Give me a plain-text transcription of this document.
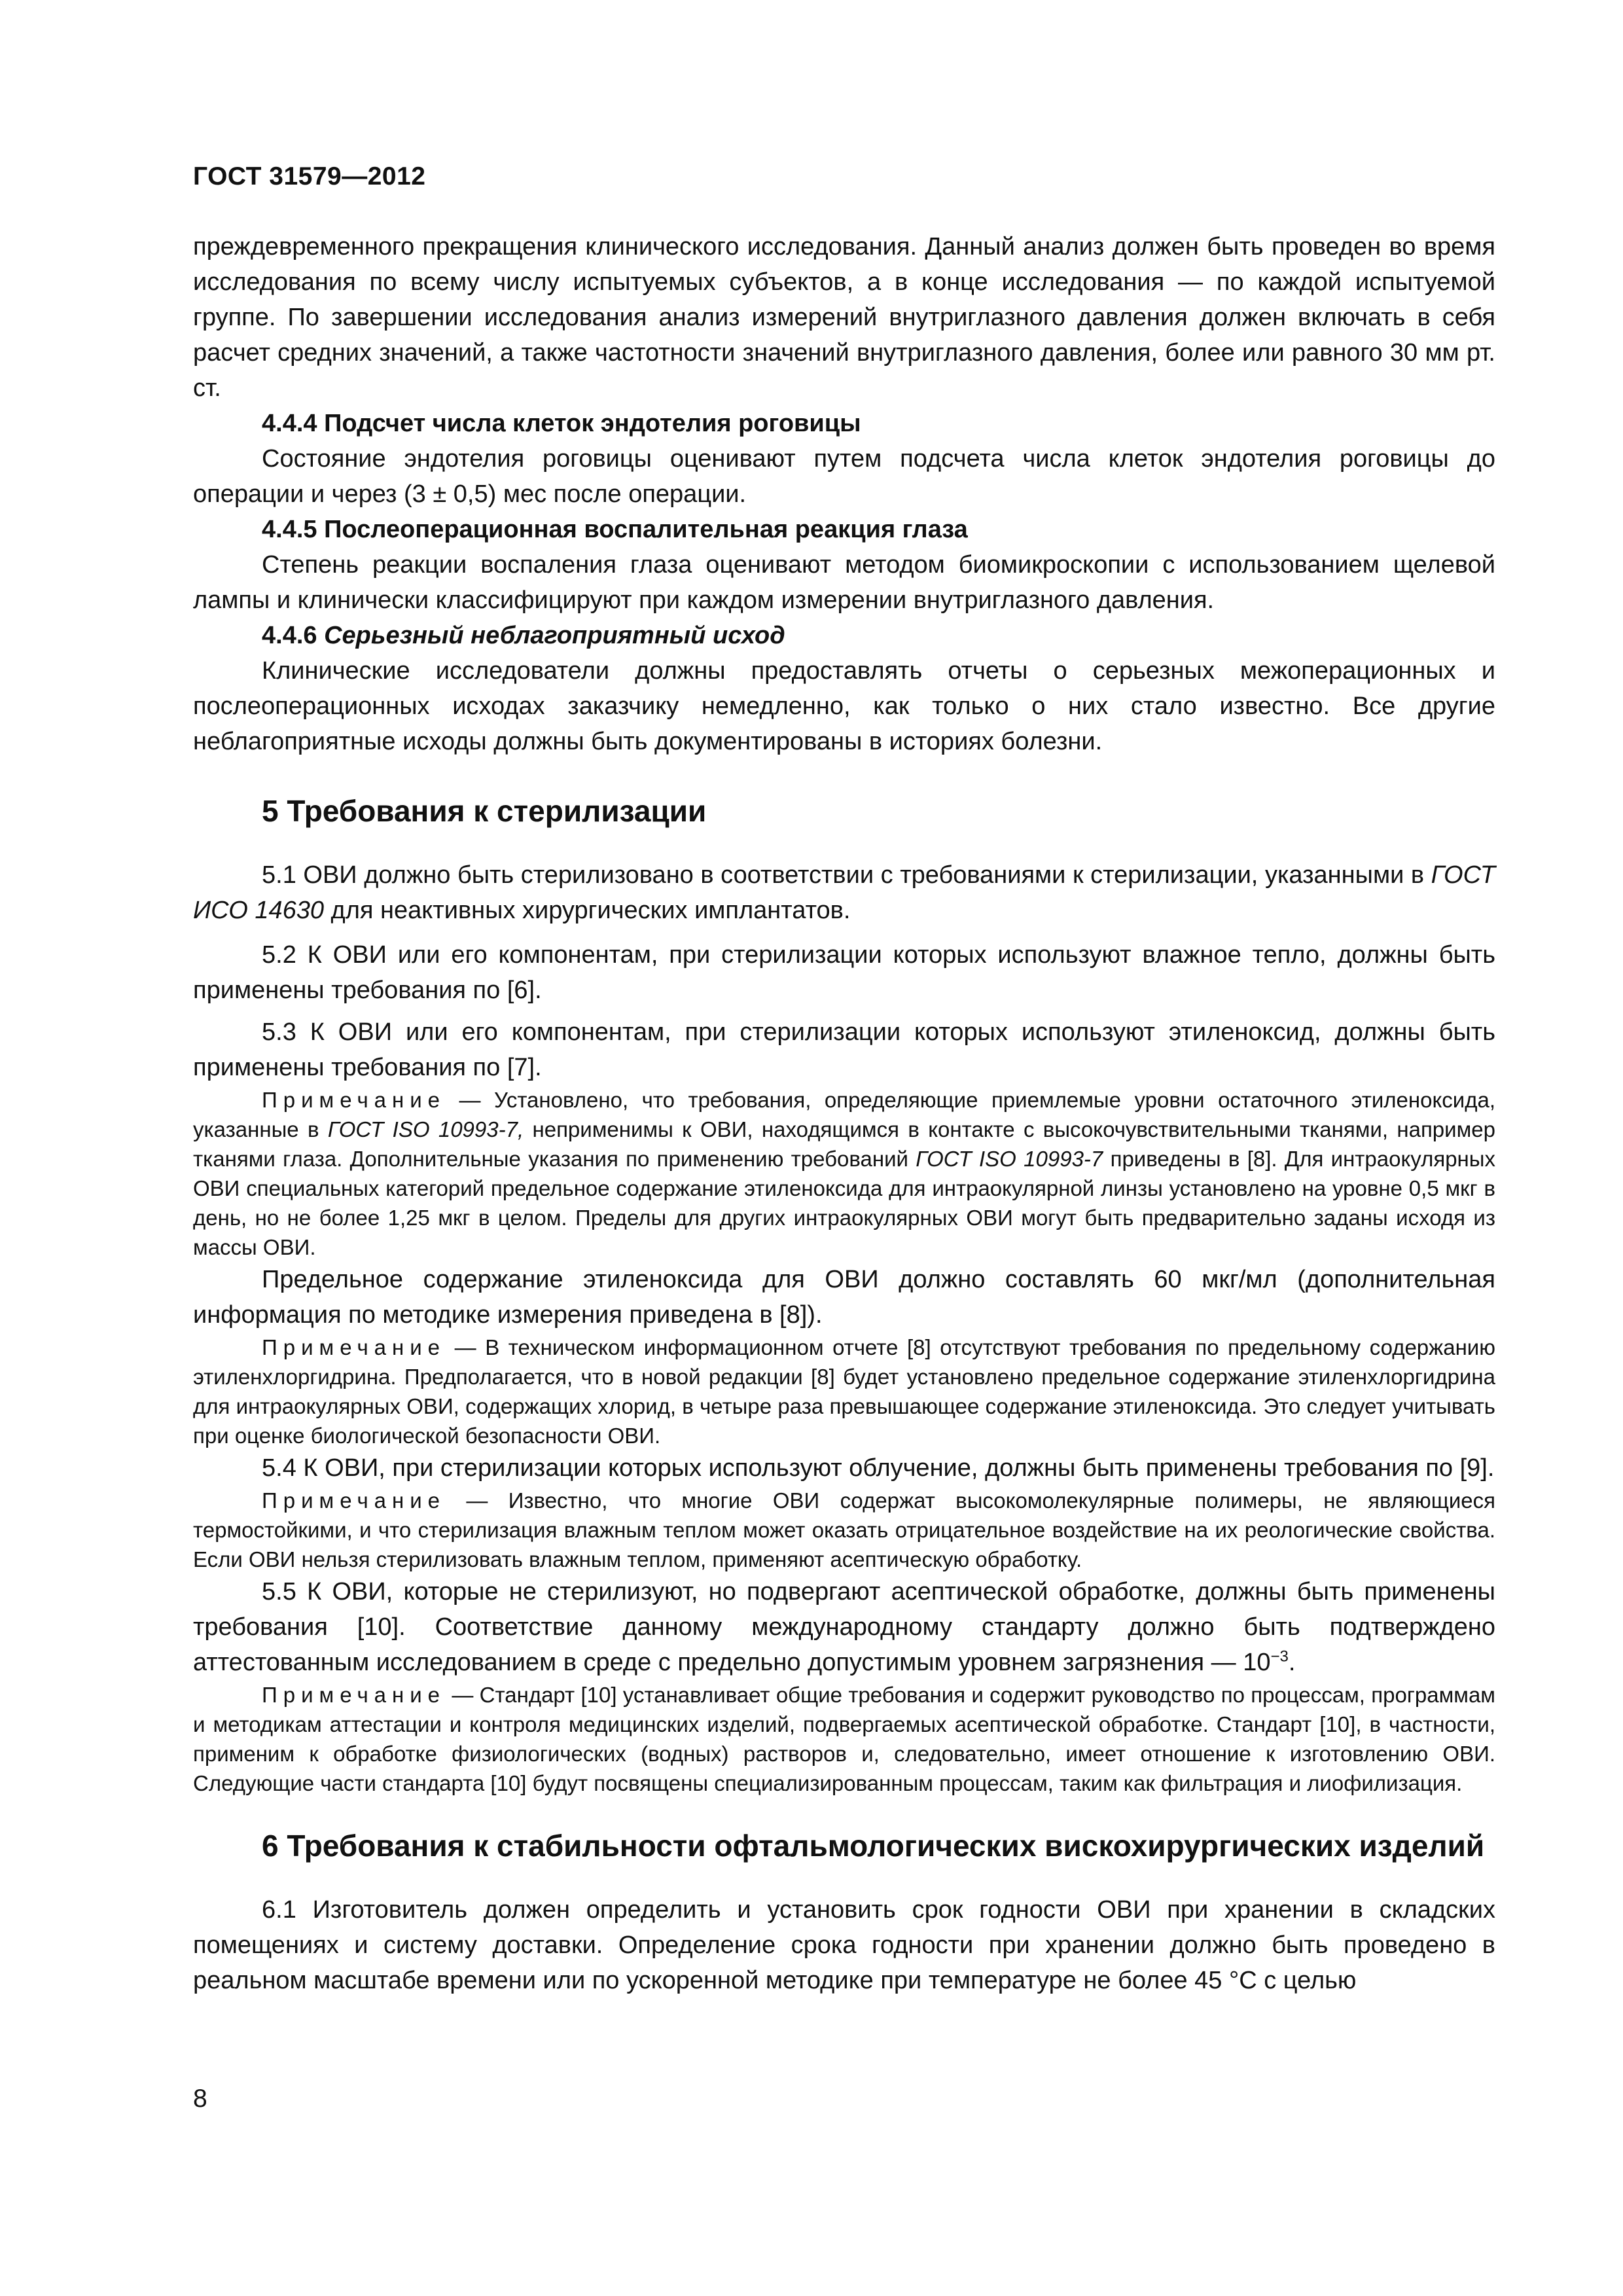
ГОСТ 31579—2012

преждевременного прекращения клинического исследования. Данный анализ должен быть проведен во время исследования по всему числу испытуемых субъектов, а в конце исследования — по каждой испытуемой группе. По завершении исследования анализ измерений внутриглазного давления должен включать в себя расчет средних значений, а также частотности значений внутриглазного давления, более или равного 30 мм рт. ст.

4.4.4 Подсчет числа клеток эндотелия роговицы

Состояние эндотелия роговицы оценивают путем подсчета числа клеток эндотелия роговицы до операции и через (3 ± 0,5) мес после операции.

4.4.5 Послеоперационная воспалительная реакция глаза

Степень реакции воспаления глаза оценивают методом биомикроскопии с использованием щелевой лампы и клинически классифицируют при каждом измерении внутриглазного давления.

4.4.6 Серьезный неблагоприятный исход

Клинические исследователи должны предоставлять отчеты о серьезных межоперационных и послеоперационных исходах заказчику немедленно, как только о них стало известно. Все другие неблагоприятные исходы должны быть документированы в историях болезни.

5 Требования к стерилизации

5.1 ОВИ должно быть стерилизовано в соответствии с требованиями к стерилизации, указанными в ГОСТ ИСО 14630 для неактивных хирургических имплантатов.

5.2 К ОВИ или его компонентам, при стерилизации которых используют влажное тепло, должны быть применены требования по [6].

5.3 К ОВИ или его компонентам, при стерилизации которых используют этиленоксид, должны быть применены требования по [7].

Примечание — Установлено, что требования, определяющие приемлемые уровни остаточного этиленоксида, указанные в ГОСТ ISO 10993-7, неприменимы к ОВИ, находящимся в контакте с высокочувствительными тканями, например тканями глаза. Дополнительные указания по применению требований ГОСТ ISO 10993-7 приведены в [8]. Для интраокулярных ОВИ специальных категорий предельное содержание этиленоксида для интраокулярной линзы установлено на уровне 0,5 мкг в день, но не более 1,25 мкг в целом. Пределы для других интраокулярных ОВИ могут быть предварительно заданы исходя из массы ОВИ.

Предельное содержание этиленоксида для ОВИ должно составлять 60 мкг/мл (дополнительная информация по методике измерения приведена в [8]).

Примечание — В техническом информационном отчете [8] отсутствуют требования по предельному содержанию этиленхлоргидрина. Предполагается, что в новой редакции [8] будет установлено предельное содержание этиленхлоргидрина для интраокулярных ОВИ, содержащих хлорид, в четыре раза превышающее содержание этиленоксида. Это следует учитывать при оценке биологической безопасности ОВИ.

5.4 К ОВИ, при стерилизации которых используют облучение, должны быть применены требования по [9].

Примечание — Известно, что многие ОВИ содержат высокомолекулярные полимеры, не являющиеся термостойкими, и что стерилизация влажным теплом может оказать отрицательное воздействие на их реологические свойства. Если ОВИ нельзя стерилизовать влажным теплом, применяют асептическую обработку.

5.5 К ОВИ, которые не стерилизуют, но подвергают асептической обработке, должны быть применены требования [10]. Соответствие данному международному стандарту должно быть подтверждено аттестованным исследованием в среде с предельно допустимым уровнем загрязнения — $10^{-3}$.

Примечание — Стандарт [10] устанавливает общие требования и содержит руководство по процессам, программам и методикам аттестации и контроля медицинских изделий, подвергаемых асептической обработке. Стандарт [10], в частности, применим к обработке физиологических (водных) растворов и, следовательно, имеет отношение к изготовлению ОВИ. Следующие части стандарта [10] будут посвящены специализированным процессам, таким как фильтрация и лиофилизация.

6 Требования к стабильности офтальмологических вискохирургических изделий

6.1 Изготовитель должен определить и установить срок годности ОВИ при хранении в складских помещениях и систему доставки. Определение срока годности при хранении должно быть проведено в реальном масштабе времени или по ускоренной методике при температуре не более 45 °С с целью

8
